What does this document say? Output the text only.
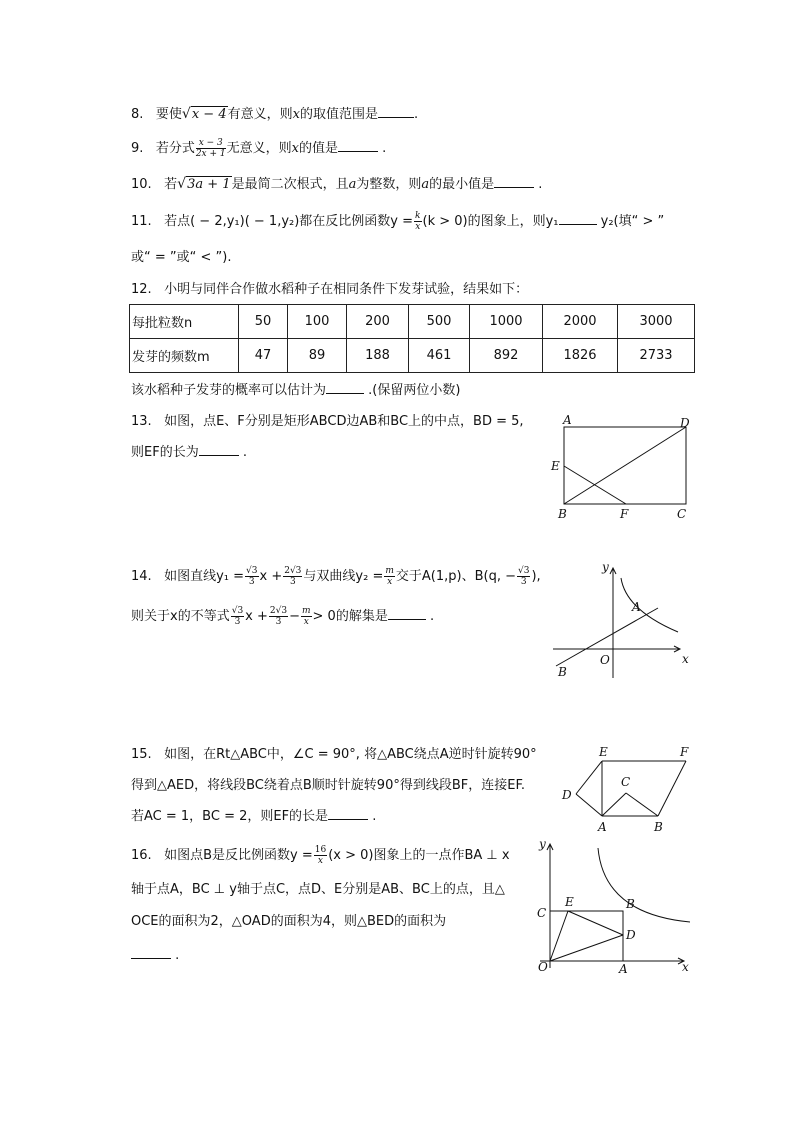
8. 要使 √ x − 4有意义，则x的取值范围是	.
9. 若分式 $\frac{x - 3}{2x + 1}$ 无意义，则x的值是	.
10. 若 √ 3a + 1是最简二次根式，且a为整数，则a的最小值是	.
11. 若点( − 2,y₁)( − 1,y₂)都在反比例函数$y = \frac{k}{x} (k > 0)$的图象上，则y₁	y₂(填“ > ”
或“ = ”或“ < ”).
12. 小明与同伴合作做水稻种子在相同条件下发芽试验，结果如下：
每批粒数n	50	100	200	500	1000	2000	3000
发芽的频数m	47	89	188	461	892	1826	2733
该水稻种子发芽的概率可以估计为	.(保留两位小数)
13. 如图，点E、F分别是矩形ABCD边AB和BC上的中点，BD = 5,
则EF的长为	.
A	D
E
B	F	C
14. 如图直线$y_1 = \frac{√3}{3}$ $x + \frac{2√3}{3}$ 与双曲线$y_2 = \frac{m}{x}$ 交于A(1,p)、B(q, − $\frac{√3}{3}$ ),
则关于x的不等式 $\frac{√3}{3}$ $x + \frac{2√3}{3} - \frac{m}{x} > 0$的解集是	.
y
x
A
O
B
15. 如图，在Rt△ABC中，∠C = 90°, 将△ABC绕点A逆时针旋转90°
得到△AED，将线段BC绕着点B顺时针旋转90°得到线段BF，连接EF.
若AC = 1，BC = 2，则EF的长是	.
E	F
C
D
A	B
16. 如图点B是反比例函数$y = \frac{16}{x} (x > 0)$图象上的一点作BA ⊥ x
轴于点A，BC ⊥ y轴于点C，点D、E分别是AB、BC上的点，且△
OCE的面积为2，△OAD的面积为4，则△BED的面积为
.
y
C
E	B
D
O	A	x
